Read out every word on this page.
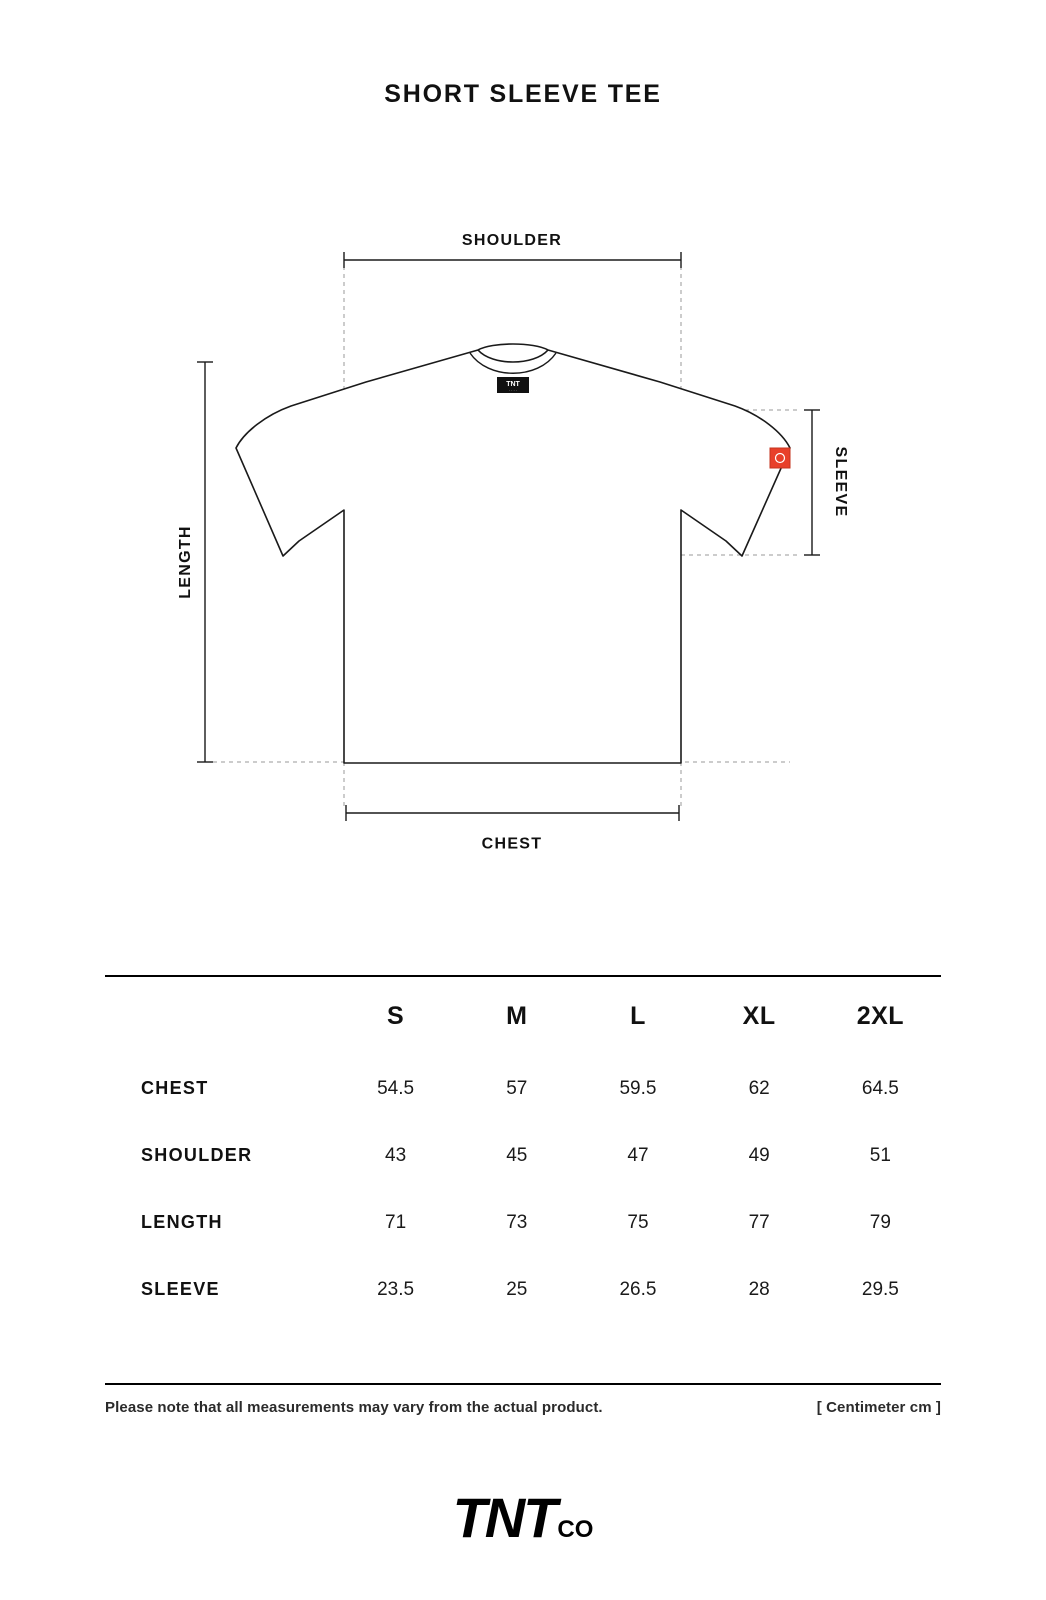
SHORT SLEEVE TEE
TNT
· · · ·
SHOULDER
SLEEVE
LENGTH
CHEST
	S	M	L	XL	2XL
CHEST	54.5	57	59.5	62	64.5
SHOULDER	43	45	47	49	51
LENGTH	71	73	75	77	79
SLEEVE	23.5	25	26.5	28	29.5
Please note that all measurements may vary from the actual product.	[ Centimeter cm ]
TNTCO
